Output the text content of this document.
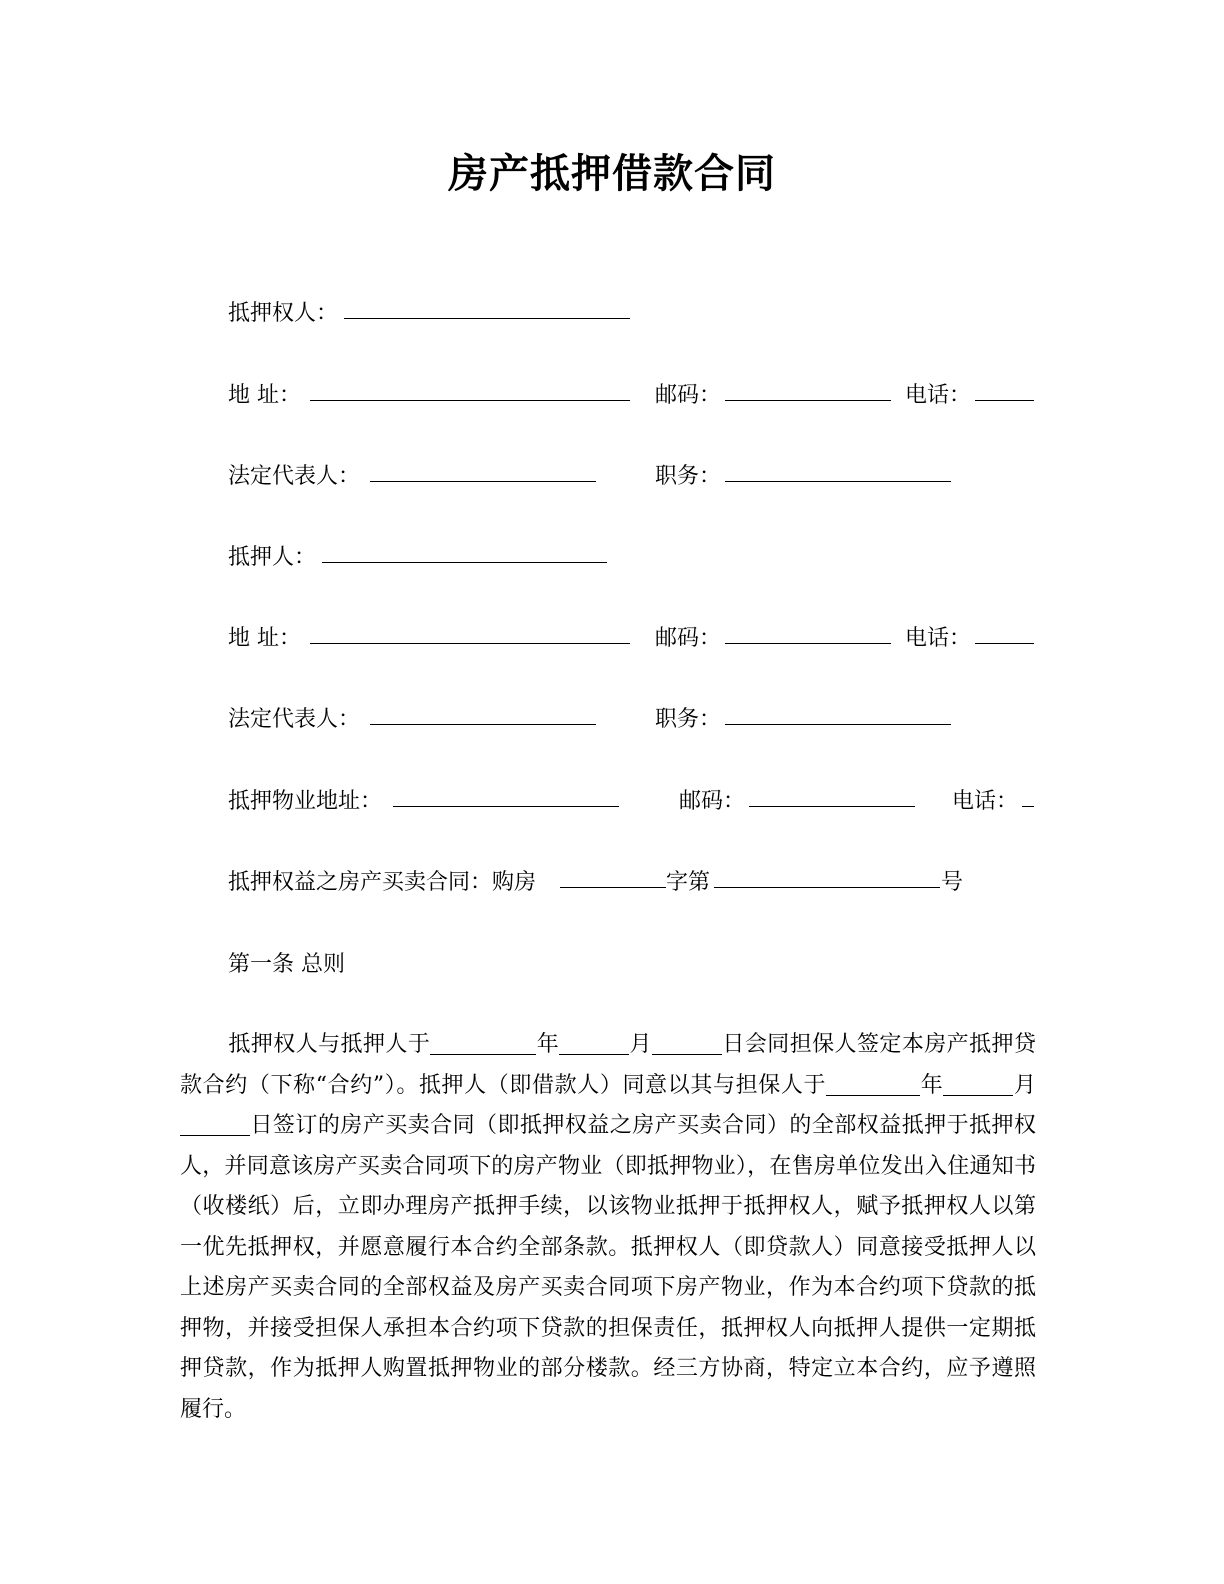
房产抵押借款合同
抵押权人：
地 址：	邮码：	电话：
法定代表人：	职务：
抵押人：
地 址：	邮码：	电话：
法定代表人：	职务：
抵押物业地址：	邮码：	电话：
抵押权益之房产买卖合同：购房	字第	号
第一条 总则
抵押权人与抵押人于	年	月	日会同担保人签定本房产抵押贷款合约（下称“合约”）。抵押人（即借款人）同意以其与担保人于	年	月日签订的房产买卖合同（即抵押权益之房产买卖合同）的全部权益抵押于抵押权人，并同意该房产买卖合同项下的房产物业（即抵押物业），在售房单位发出入住通知书（收楼纸）后，立即办理房产抵押手续，以该物业抵押于抵押权人，赋予抵押权人以第一优先抵押权，并愿意履行本合约全部条款。抵押权人（即贷款人）同意接受抵押人以上述房产买卖合同的全部权益及房产买卖合同项下房产物业，作为本合约项下贷款的抵押物，并接受担保人承担本合约项下贷款的担保责任，抵押权人向抵押人提供一定期抵押贷款，作为抵押人购置抵押物业的部分楼款。经三方协商，特定立本合约，应予遵照履行。
